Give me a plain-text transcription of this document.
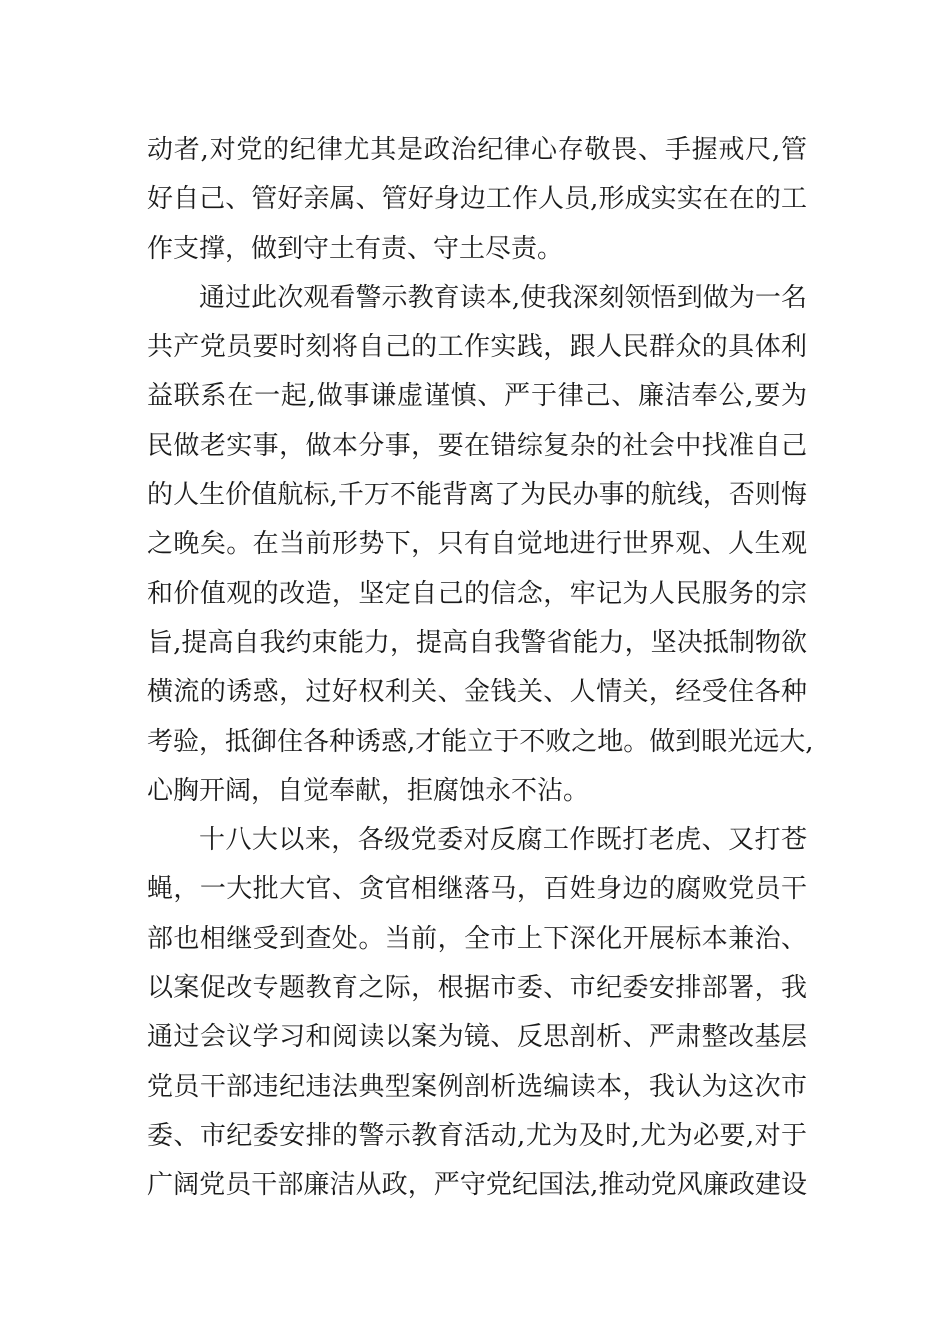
动者,对党的纪律尤其是政治纪律心存敬畏、手握戒尺,管
好自己、管好亲属、管好身边工作人员,形成实实在在的工
作支撑，做到守土有责、守土尽责。
通过此次观看警示教育读本,使我深刻领悟到做为一名
共产党员要时刻将自己的工作实践，跟人民群众的具体利
益联系在一起,做事谦虚谨慎、严于律己、廉洁奉公,要为
民做老实事，做本分事，要在错综复杂的社会中找准自己
的人生价值航标,千万不能背离了为民办事的航线，否则悔
之晚矣。在当前形势下，只有自觉地进行世界观、人生观
和价值观的改造，坚定自己的信念，牢记为人民服务的宗
旨,提高自我约束能力，提高自我警省能力，坚决抵制物欲
横流的诱惑，过好权利关、金钱关、人情关，经受住各种
考验，抵御住各种诱惑,才能立于不败之地。做到眼光远大,
心胸开阔，自觉奉献，拒腐蚀永不沾。
十八大以来，各级党委对反腐工作既打老虎、又打苍
蝇，一大批大官、贪官相继落马，百姓身边的腐败党员干
部也相继受到查处。当前，全市上下深化开展标本兼治、
以案促改专题教育之际，根据市委、市纪委安排部署，我
通过会议学习和阅读以案为镜、反思剖析、严肃整改基层
党员干部违纪违法典型案例剖析选编读本，我认为这次市
委、市纪委安排的警示教育活动,尤为及时,尤为必要,对于
广阔党员干部廉洁从政，严守党纪国法,推动党风廉政建设
